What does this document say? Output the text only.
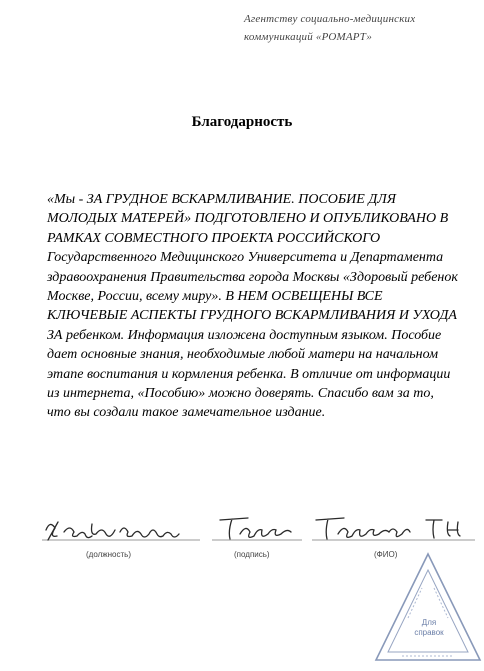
Агентству социально-медицинских
коммуникаций «РОМАРТ»
Благодарность

«Мы - ЗА ГРУДНОЕ ВСКАРМЛИВАНИЕ. ПОСОБИЕ ДЛЯ МОЛОДЫХ МАТЕРЕЙ» ПОДГОТОВЛЕНО И ОПУБЛИКОВАНО В РАМКАХ СОВМЕСТНОГО ПРОЕКТА РОССИЙСКОГО Государственного Медицинского Университета и Департамента здравоохранения Правительства города Москвы «Здоровый ребенок Москве, России, всему миру». В НЕМ ОСВЕЩЕНЫ ВСЕ КЛЮЧЕВЫЕ АСПЕКТЫ ГРУДНОГО ВСКАРМЛИВАНИЯ И УХОДА ЗА ребенком. Информация изложена доступным языком. Пособие дает основные знания, необходимые любой матери на начальном этапе воспитания и кормления ребенка. В отличие от информации из интернета, «Пособию» можно доверять. Спасибо вам за то, что вы создали такое замечательное издание.

(должность)	(подпись)	(ФИО)
Для справок
